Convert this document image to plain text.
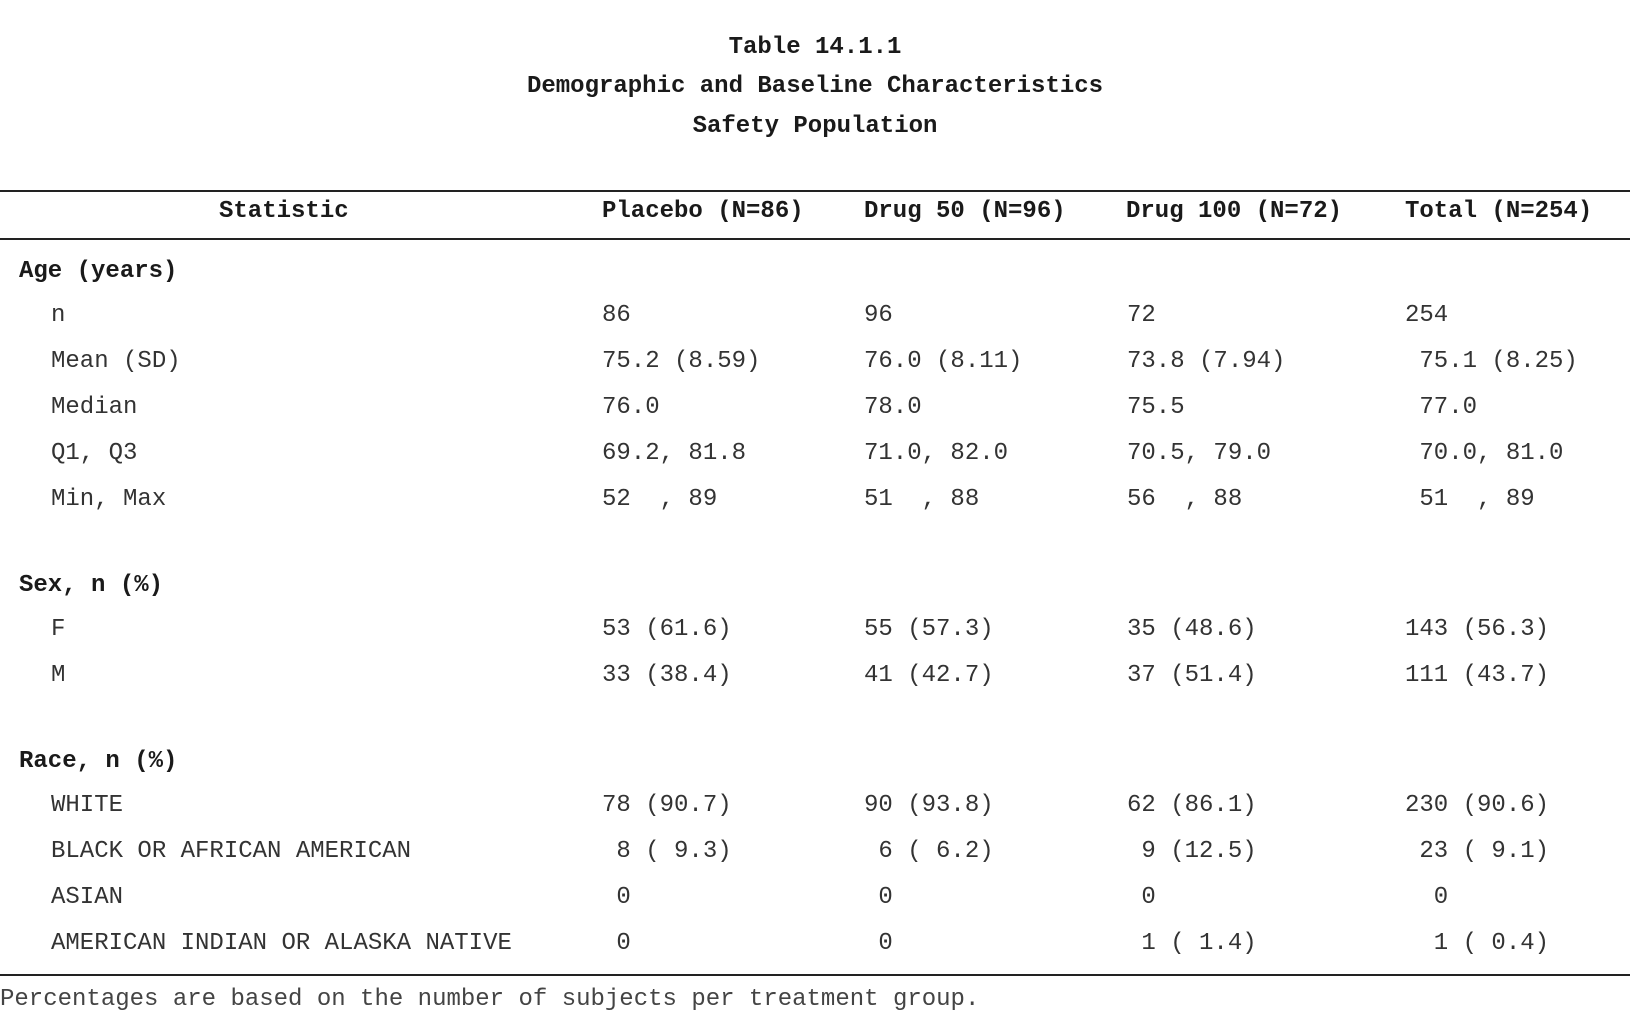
Table 14.1.1
Demographic and Baseline Characteristics
Safety Population
Statistic	Placebo (N=86)	Drug 50 (N=96)	Drug 100 (N=72)	Total (N=254)
Age (years)
n	86	96	72	254
Mean (SD)	75.2 (8.59)	76.0 (8.11)	73.8 (7.94)	75.1 (8.25)
Median	76.0	78.0	75.5	77.0
Q1, Q3	69.2, 81.8	71.0, 82.0	70.5, 79.0	70.0, 81.0
Min, Max	52  , 89	51  , 88	56  , 88	51  , 89
Sex, n (%)
F	53 (61.6)	55 (57.3)	35 (48.6)	143 (56.3)
M	33 (38.4)	41 (42.7)	37 (51.4)	111 (43.7)
Race, n (%)
WHITE	78 (90.7)	90 (93.8)	62 (86.1)	230 (90.6)
BLACK OR AFRICAN AMERICAN	8 ( 9.3)	6 ( 6.2)	9 (12.5)	23 ( 9.1)
ASIAN	0	0	0	0
AMERICAN INDIAN OR ALASKA NATIVE	0	0	1 ( 1.4)	1 ( 0.4)
Percentages are based on the number of subjects per treatment group.
